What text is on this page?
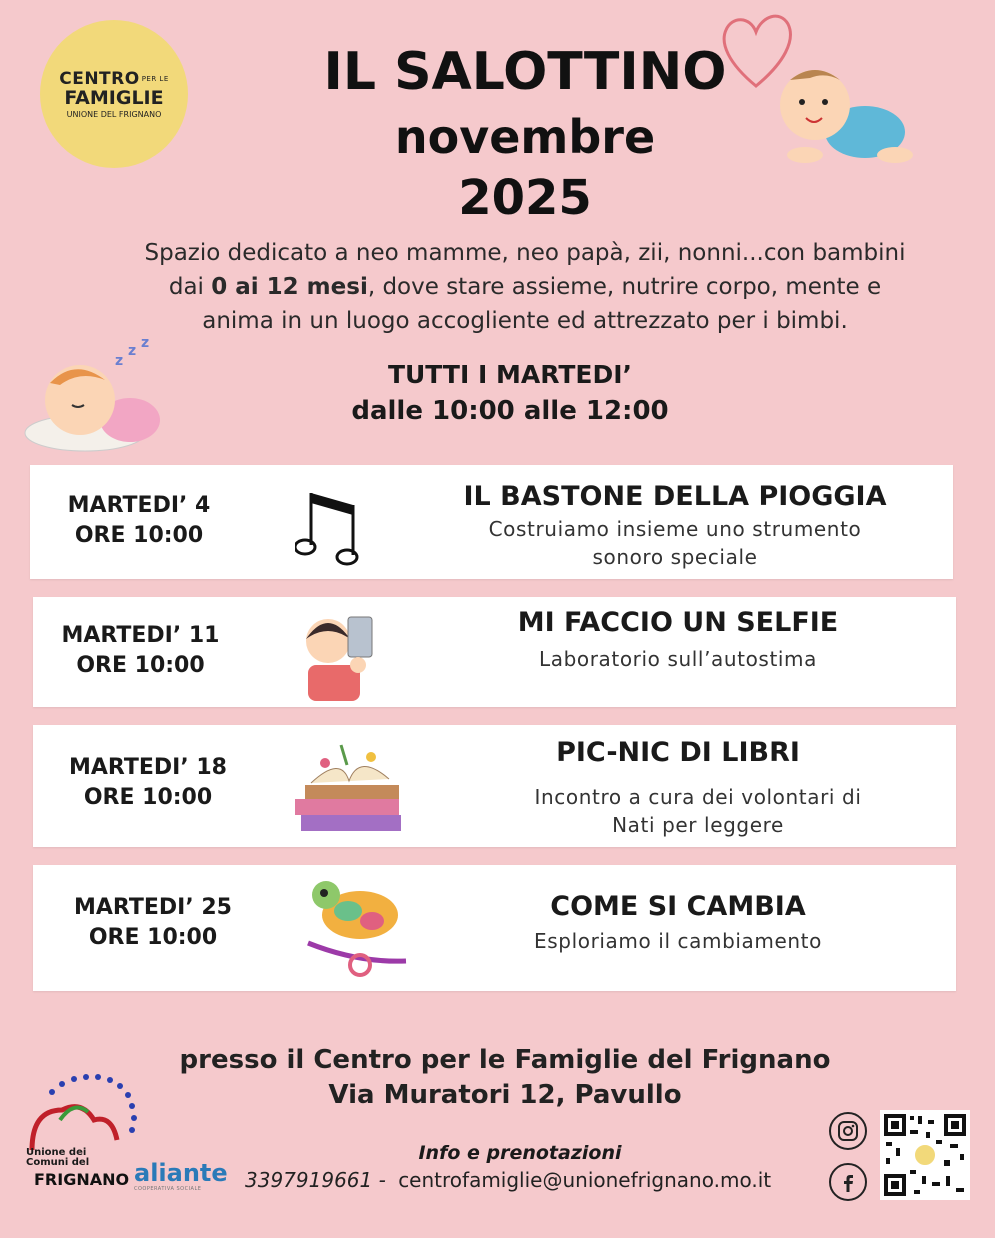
CENTRO $^{PER LE}$
FAMIGLIE
UNIONE DEL FRIGNANO
IL SALOTTINO
novembre
2025
Spazio dedicato a neo mamme, neo papà, zii, nonni...con bambini
dai 0 ai 12 mesi, dove stare assieme, nutrire corpo, mente e
anima in un luogo accogliente ed attrezzato per i bimbi.
z
z z
TUTTI I MARTEDI’
dalle 10:00 alle 12:00
MARTEDI’ 4
ORE 10:00
IL BASTONE DELLA PIOGGIA
Costruiamo insieme uno strumento
sonoro speciale
MARTEDI’ 11
ORE 10:00
MI FACCIO UN SELFIE
Laboratorio sull’autostima
MARTEDI’ 18
ORE 10:00
PIC-NIC DI LIBRI
Incontro a cura dei volontari di
Nati per leggere
MARTEDI’ 25
ORE 10:00
COME SI CAMBIA
Esploriamo il cambiamento
presso il Centro per le Famiglie del Frignano
Via Muratori 12, Pavullo
Unione dei
Comuni del
FRIGNANO aliante
COOPERATIVA SOCIALE
Info e prenotazioni
3397919661 - centrofamiglie@unionefrignano.mo.it
